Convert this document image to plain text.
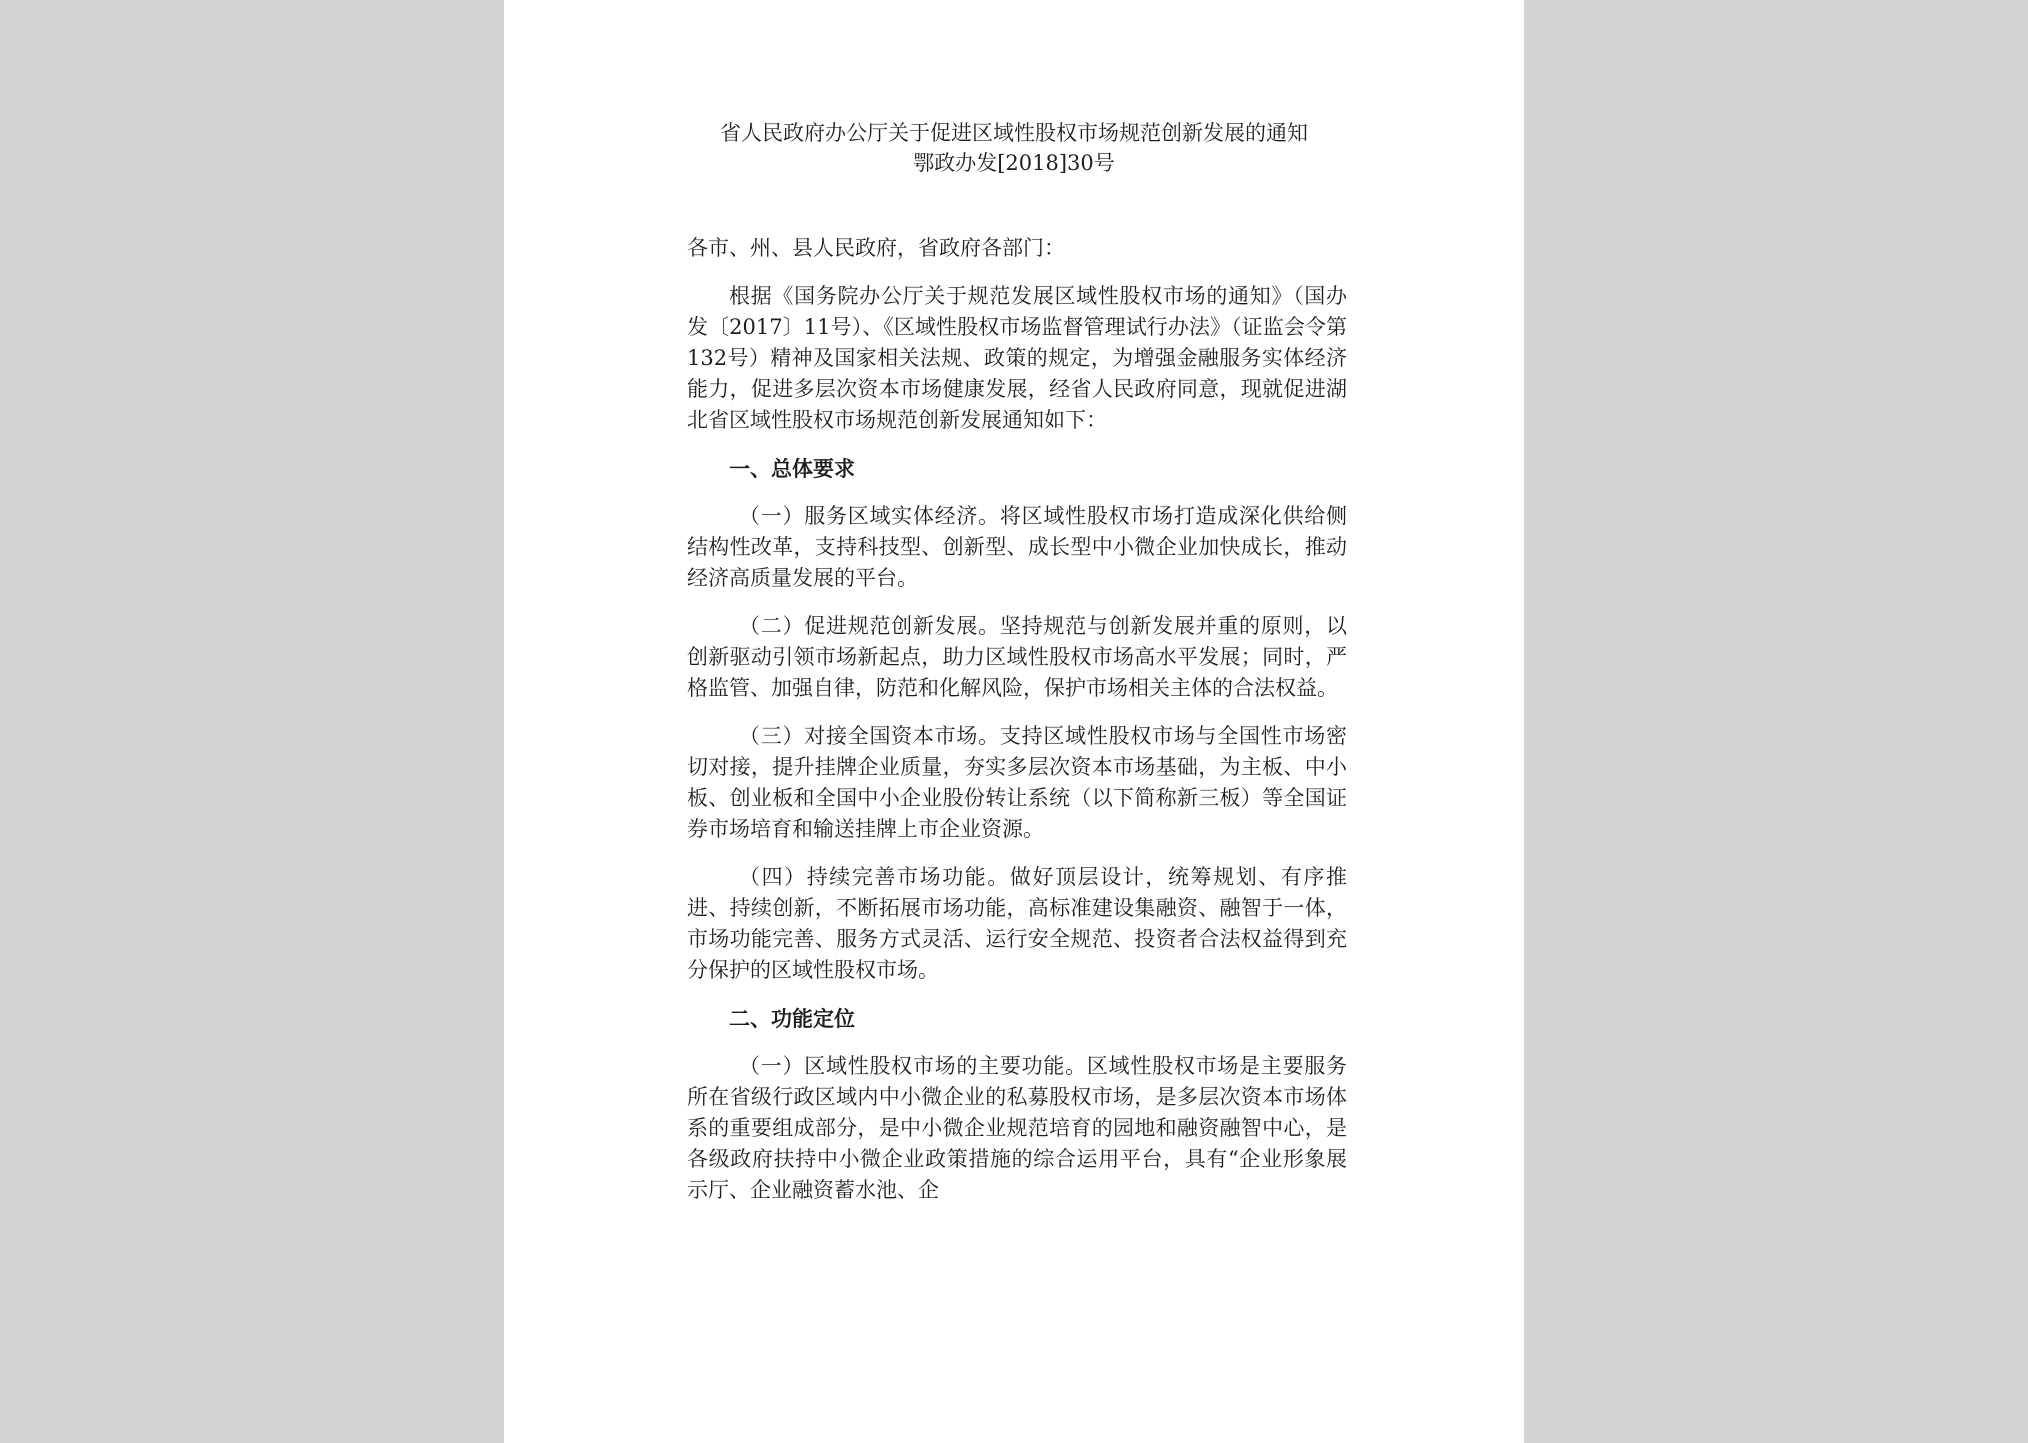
省人民政府办公厅关于促进区域性股权市场规范创新发展的通知
鄂政办发[2018]30号

各市、州、县人民政府，省政府各部门：

根据《国务院办公厅关于规范发展区域性股权市场的通知》（国办发〔2017〕11号）、《区域性股权市场监督管理试行办法》（证监会令第132号）精神及国家相关法规、政策的规定，为增强金融服务实体经济能力，促进多层次资本市场健康发展，经省人民政府同意，现就促进湖北省区域性股权市场规范创新发展通知如下：

一、总体要求

（一）服务区域实体经济。将区域性股权市场打造成深化供给侧结构性改革，支持科技型、创新型、成长型中小微企业加快成长，推动经济高质量发展的平台。

（二）促进规范创新发展。坚持规范与创新发展并重的原则，以创新驱动引领市场新起点，助力区域性股权市场高水平发展；同时，严格监管、加强自律，防范和化解风险，保护市场相关主体的合法权益。

（三）对接全国资本市场。支持区域性股权市场与全国性市场密切对接，提升挂牌企业质量，夯实多层次资本市场基础，为主板、中小板、创业板和全国中小企业股份转让系统（以下简称新三板）等全国证券市场培育和输送挂牌上市企业资源。

（四）持续完善市场功能。做好顶层设计，统筹规划、有序推进、持续创新，不断拓展市场功能，高标准建设集融资、融智于一体，市场功能完善、服务方式灵活、运行安全规范、投资者合法权益得到充分保护的区域性股权市场。

二、功能定位

（一）区域性股权市场的主要功能。区域性股权市场是主要服务所在省级行政区域内中小微企业的私募股权市场，是多层次资本市场体系的重要组成部分，是中小微企业规范培育的园地和融资融智中心，是各级政府扶持中小微企业政策措施的综合运用平台，具有“企业形象展示厅、企业融资蓄水池、企
